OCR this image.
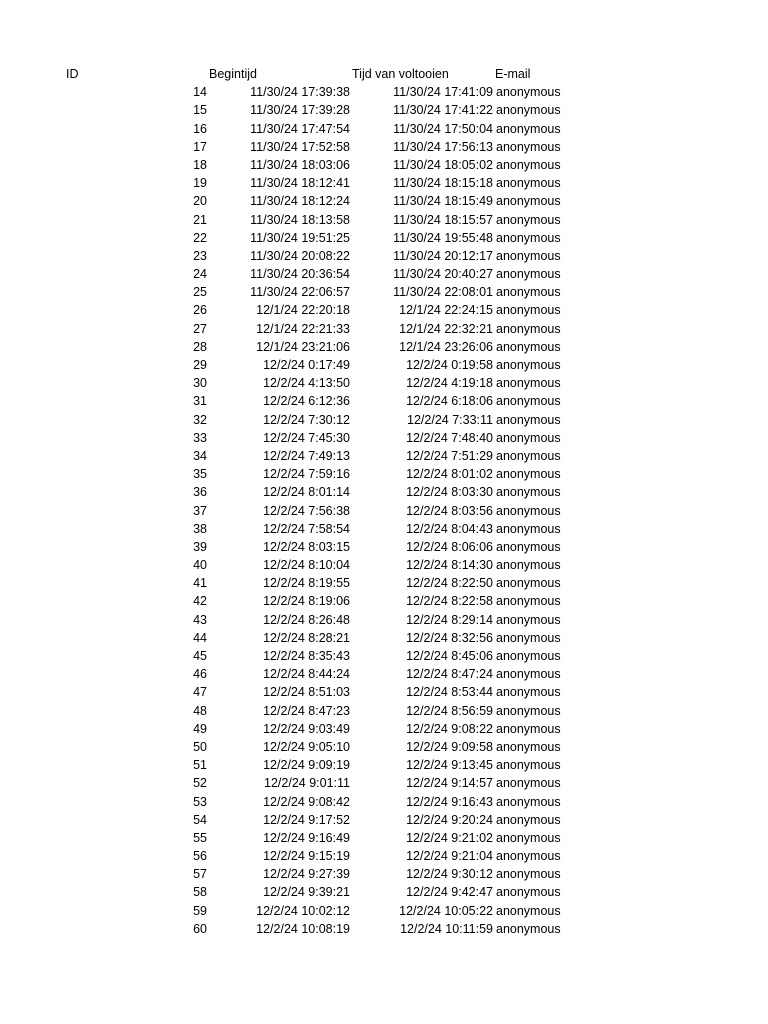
ID	Begintijd	Tijd van voltooien	E-mail
14	11/30/24 17:39:38	11/30/24 17:41:09 anonymous
15	11/30/24 17:39:28	11/30/24 17:41:22 anonymous
16	11/30/24 17:47:54	11/30/24 17:50:04 anonymous
17	11/30/24 17:52:58	11/30/24 17:56:13 anonymous
18	11/30/24 18:03:06	11/30/24 18:05:02 anonymous
19	11/30/24 18:12:41	11/30/24 18:15:18 anonymous
20	11/30/24 18:12:24	11/30/24 18:15:49 anonymous
21	11/30/24 18:13:58	11/30/24 18:15:57 anonymous
22	11/30/24 19:51:25	11/30/24 19:55:48 anonymous
23	11/30/24 20:08:22	11/30/24 20:12:17 anonymous
24	11/30/24 20:36:54	11/30/24 20:40:27 anonymous
25	11/30/24 22:06:57	11/30/24 22:08:01 anonymous
26	12/1/24 22:20:18	12/1/24 22:24:15 anonymous
27	12/1/24 22:21:33	12/1/24 22:32:21 anonymous
28	12/1/24 23:21:06	12/1/24 23:26:06 anonymous
29	12/2/24 0:17:49	12/2/24 0:19:58 anonymous
30	12/2/24 4:13:50	12/2/24 4:19:18 anonymous
31	12/2/24 6:12:36	12/2/24 6:18:06 anonymous
32	12/2/24 7:30:12	12/2/24 7:33:11 anonymous
33	12/2/24 7:45:30	12/2/24 7:48:40 anonymous
34	12/2/24 7:49:13	12/2/24 7:51:29 anonymous
35	12/2/24 7:59:16	12/2/24 8:01:02 anonymous
36	12/2/24 8:01:14	12/2/24 8:03:30 anonymous
37	12/2/24 7:56:38	12/2/24 8:03:56 anonymous
38	12/2/24 7:58:54	12/2/24 8:04:43 anonymous
39	12/2/24 8:03:15	12/2/24 8:06:06 anonymous
40	12/2/24 8:10:04	12/2/24 8:14:30 anonymous
41	12/2/24 8:19:55	12/2/24 8:22:50 anonymous
42	12/2/24 8:19:06	12/2/24 8:22:58 anonymous
43	12/2/24 8:26:48	12/2/24 8:29:14 anonymous
44	12/2/24 8:28:21	12/2/24 8:32:56 anonymous
45	12/2/24 8:35:43	12/2/24 8:45:06 anonymous
46	12/2/24 8:44:24	12/2/24 8:47:24 anonymous
47	12/2/24 8:51:03	12/2/24 8:53:44 anonymous
48	12/2/24 8:47:23	12/2/24 8:56:59 anonymous
49	12/2/24 9:03:49	12/2/24 9:08:22 anonymous
50	12/2/24 9:05:10	12/2/24 9:09:58 anonymous
51	12/2/24 9:09:19	12/2/24 9:13:45 anonymous
52	12/2/24 9:01:11	12/2/24 9:14:57 anonymous
53	12/2/24 9:08:42	12/2/24 9:16:43 anonymous
54	12/2/24 9:17:52	12/2/24 9:20:24 anonymous
55	12/2/24 9:16:49	12/2/24 9:21:02 anonymous
56	12/2/24 9:15:19	12/2/24 9:21:04 anonymous
57	12/2/24 9:27:39	12/2/24 9:30:12 anonymous
58	12/2/24 9:39:21	12/2/24 9:42:47 anonymous
59	12/2/24 10:02:12	12/2/24 10:05:22 anonymous
60	12/2/24 10:08:19	12/2/24 10:11:59 anonymous
